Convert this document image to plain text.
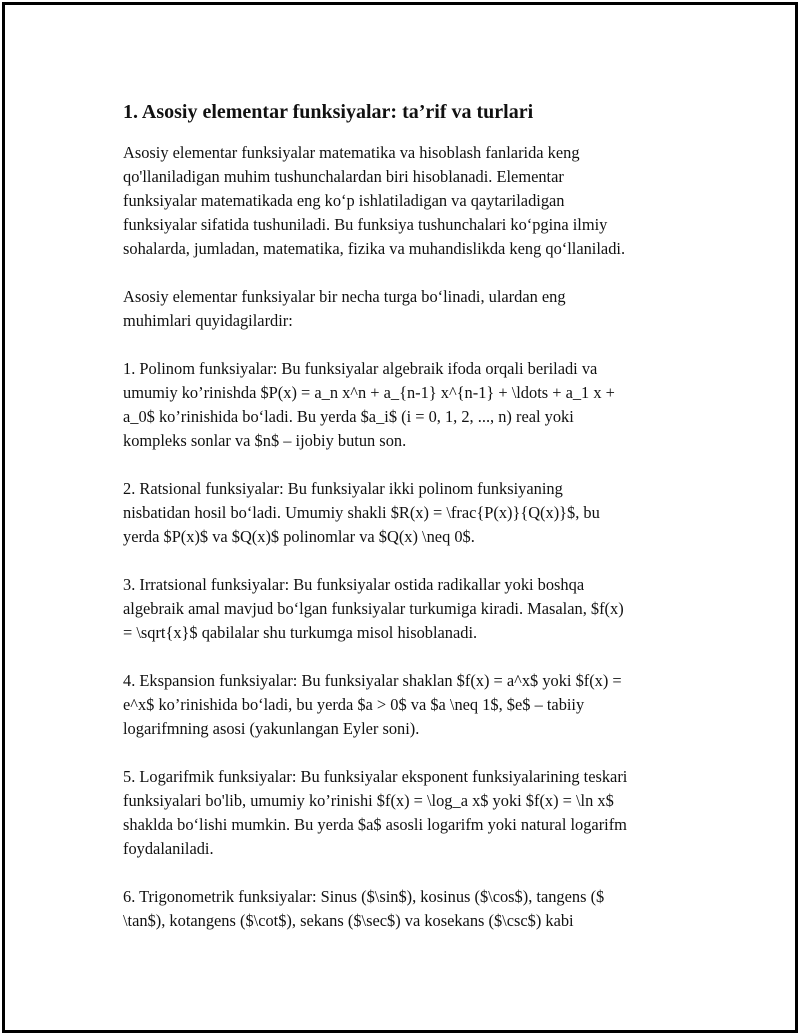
1. Asosiy elementar funksiyalar: ta’rif va turlari
Asosiy elementar funksiyalar matematika va hisoblash fanlarida keng
qo'llaniladigan muhim tushunchalardan biri hisoblanadi. Elementar
funksiyalar matematikada eng ko‘p ishlatiladigan va qaytariladigan
funksiyalar sifatida tushuniladi. Bu funksiya tushunchalari ko‘pgina ilmiy
sohalarda, jumladan, matematika, fizika va muhandislikda keng qo‘llaniladi.
Asosiy elementar funksiyalar bir necha turga bo‘linadi, ulardan eng
muhimlari quyidagilardir:
1. Polinom funksiyalar: Bu funksiyalar algebraik ifoda orqali beriladi va
umumiy ko’rinishda $P(x) = a_n x^n + a_{n-1} x^{n-1} + \ldots + a_1 x +
a_0$ ko’rinishida bo‘ladi. Bu yerda $a_i$ (i = 0, 1, 2, ..., n) real yoki
kompleks sonlar va $n$ – ijobiy butun son.
2. Ratsional funksiyalar: Bu funksiyalar ikki polinom funksiyaning
nisbatidan hosil bo‘ladi. Umumiy shakli $R(x) = \frac{P(x)}{Q(x)}$, bu
yerda $P(x)$ va $Q(x)$ polinomlar va $Q(x) \neq 0$.
3. Irratsional funksiyalar: Bu funksiyalar ostida radikallar yoki boshqa
algebraik amal mavjud bo‘lgan funksiyalar turkumiga kiradi. Masalan, $f(x)
= \sqrt{x}$ qabilalar shu turkumga misol hisoblanadi.
4. Ekspansion funksiyalar: Bu funksiyalar shaklan $f(x) = a^x$ yoki $f(x) =
e^x$ ko’rinishida bo‘ladi, bu yerda $a > 0$ va $a \neq 1$, $e$ – tabiiy
logarifmning asosi (yakunlangan Eyler soni).
5. Logarifmik funksiyalar: Bu funksiyalar eksponent funksiyalarining teskari
funksiyalari bo'lib, umumiy ko’rinishi $f(x) = \log_a x$ yoki $f(x) = \ln x$
shaklda bo‘lishi mumkin. Bu yerda $a$ asosli logarifm yoki natural logarifm
foydalaniladi.
6. Trigonometrik funksiyalar: Sinus ($\sin$), kosinus ($\cos$), tangens ($
\tan$), kotangens ($\cot$), sekans ($\sec$) va kosekans ($\csc$) kabi
